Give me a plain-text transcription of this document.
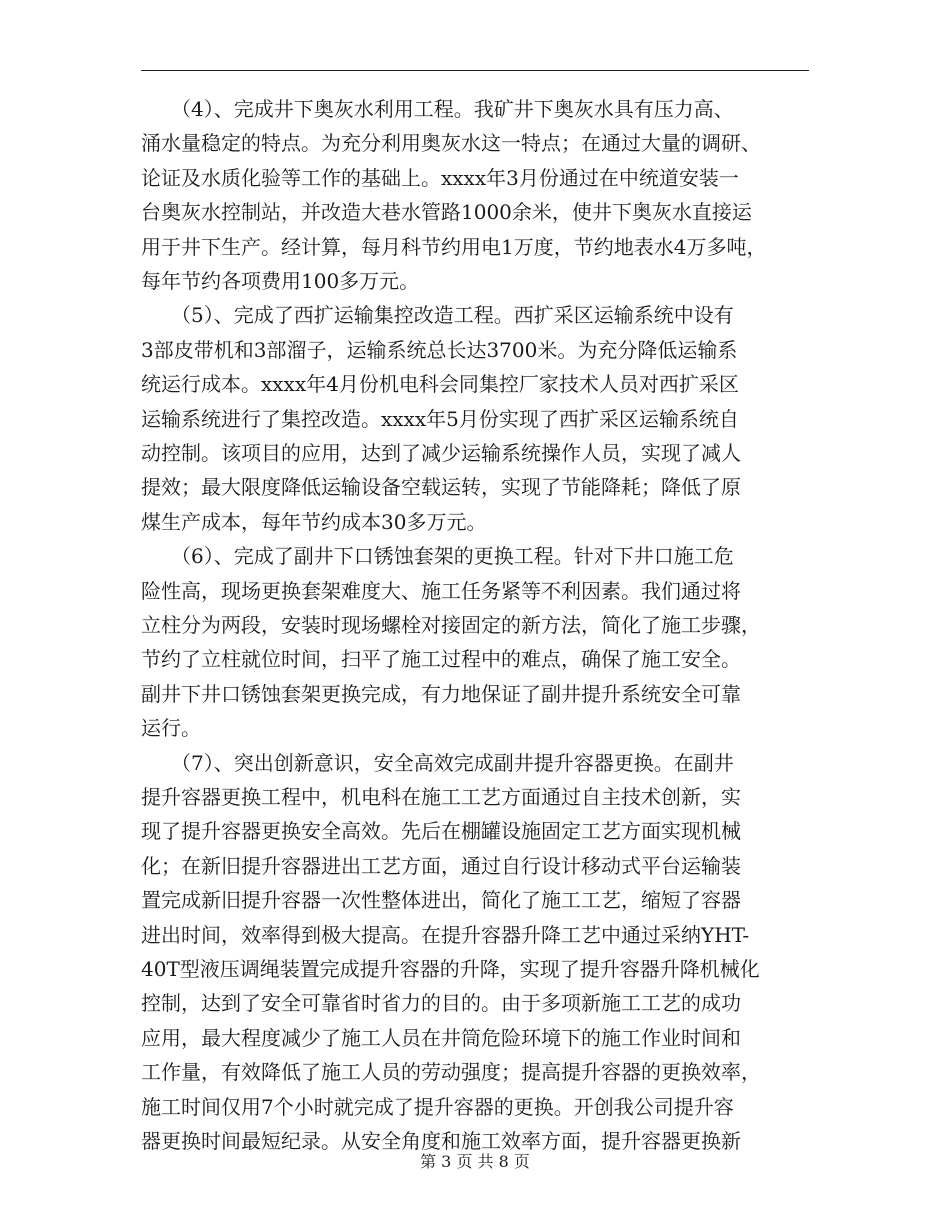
　　（4）、完成井下奥灰水利用工程。我矿井下奥灰水具有压力高、
涌水量稳定的特点。为充分利用奥灰水这一特点；在通过大量的调研、
论证及水质化验等工作的基础上。xxxx年3月份通过在中统道安装一
台奥灰水控制站，并改造大巷水管路1000余米，使井下奥灰水直接运
用于井下生产。经计算，每月科节约用电1万度，节约地表水4万多吨，
每年节约各项费用100多万元。
　　（5）、完成了西扩运输集控改造工程。西扩采区运输系统中设有
3部皮带机和3部溜子，运输系统总长达3700米。为充分降低运输系
统运行成本。xxxx年4月份机电科会同集控厂家技术人员对西扩采区
运输系统进行了集控改造。xxxx年5月份实现了西扩采区运输系统自
动控制。该项目的应用，达到了减少运输系统操作人员，实现了减人
提效；最大限度降低运输设备空载运转，实现了节能降耗；降低了原
煤生产成本，每年节约成本30多万元。
　　（6）、完成了副井下口锈蚀套架的更换工程。针对下井口施工危
险性高，现场更换套架难度大、施工任务紧等不利因素。我们通过将
立柱分为两段，安装时现场螺栓对接固定的新方法，简化了施工步骤，
节约了立柱就位时间，扫平了施工过程中的难点，确保了施工安全。
副井下井口锈蚀套架更换完成，有力地保证了副井提升系统安全可靠
运行。
　　（7）、突出创新意识，安全高效完成副井提升容器更换。在副井
提升容器更换工程中，机电科在施工工艺方面通过自主技术创新，实
现了提升容器更换安全高效。先后在棚罐设施固定工艺方面实现机械
化；在新旧提升容器进出工艺方面，通过自行设计移动式平台运输装
置完成新旧提升容器一次性整体进出，简化了施工工艺，缩短了容器
进出时间，效率得到极大提高。在提升容器升降工艺中通过采纳YHT-
40T型液压调绳装置完成提升容器的升降，实现了提升容器升降机械化
控制，达到了安全可靠省时省力的目的。由于多项新施工工艺的成功
应用，最大程度减少了施工人员在井筒危险环境下的施工作业时间和
工作量，有效降低了施工人员的劳动强度；提高提升容器的更换效率，
施工时间仅用7个小时就完成了提升容器的更换。开创我公司提升容
器更换时间最短纪录。从安全角度和施工效率方面，提升容器更换新
第 3 页 共 8 页
